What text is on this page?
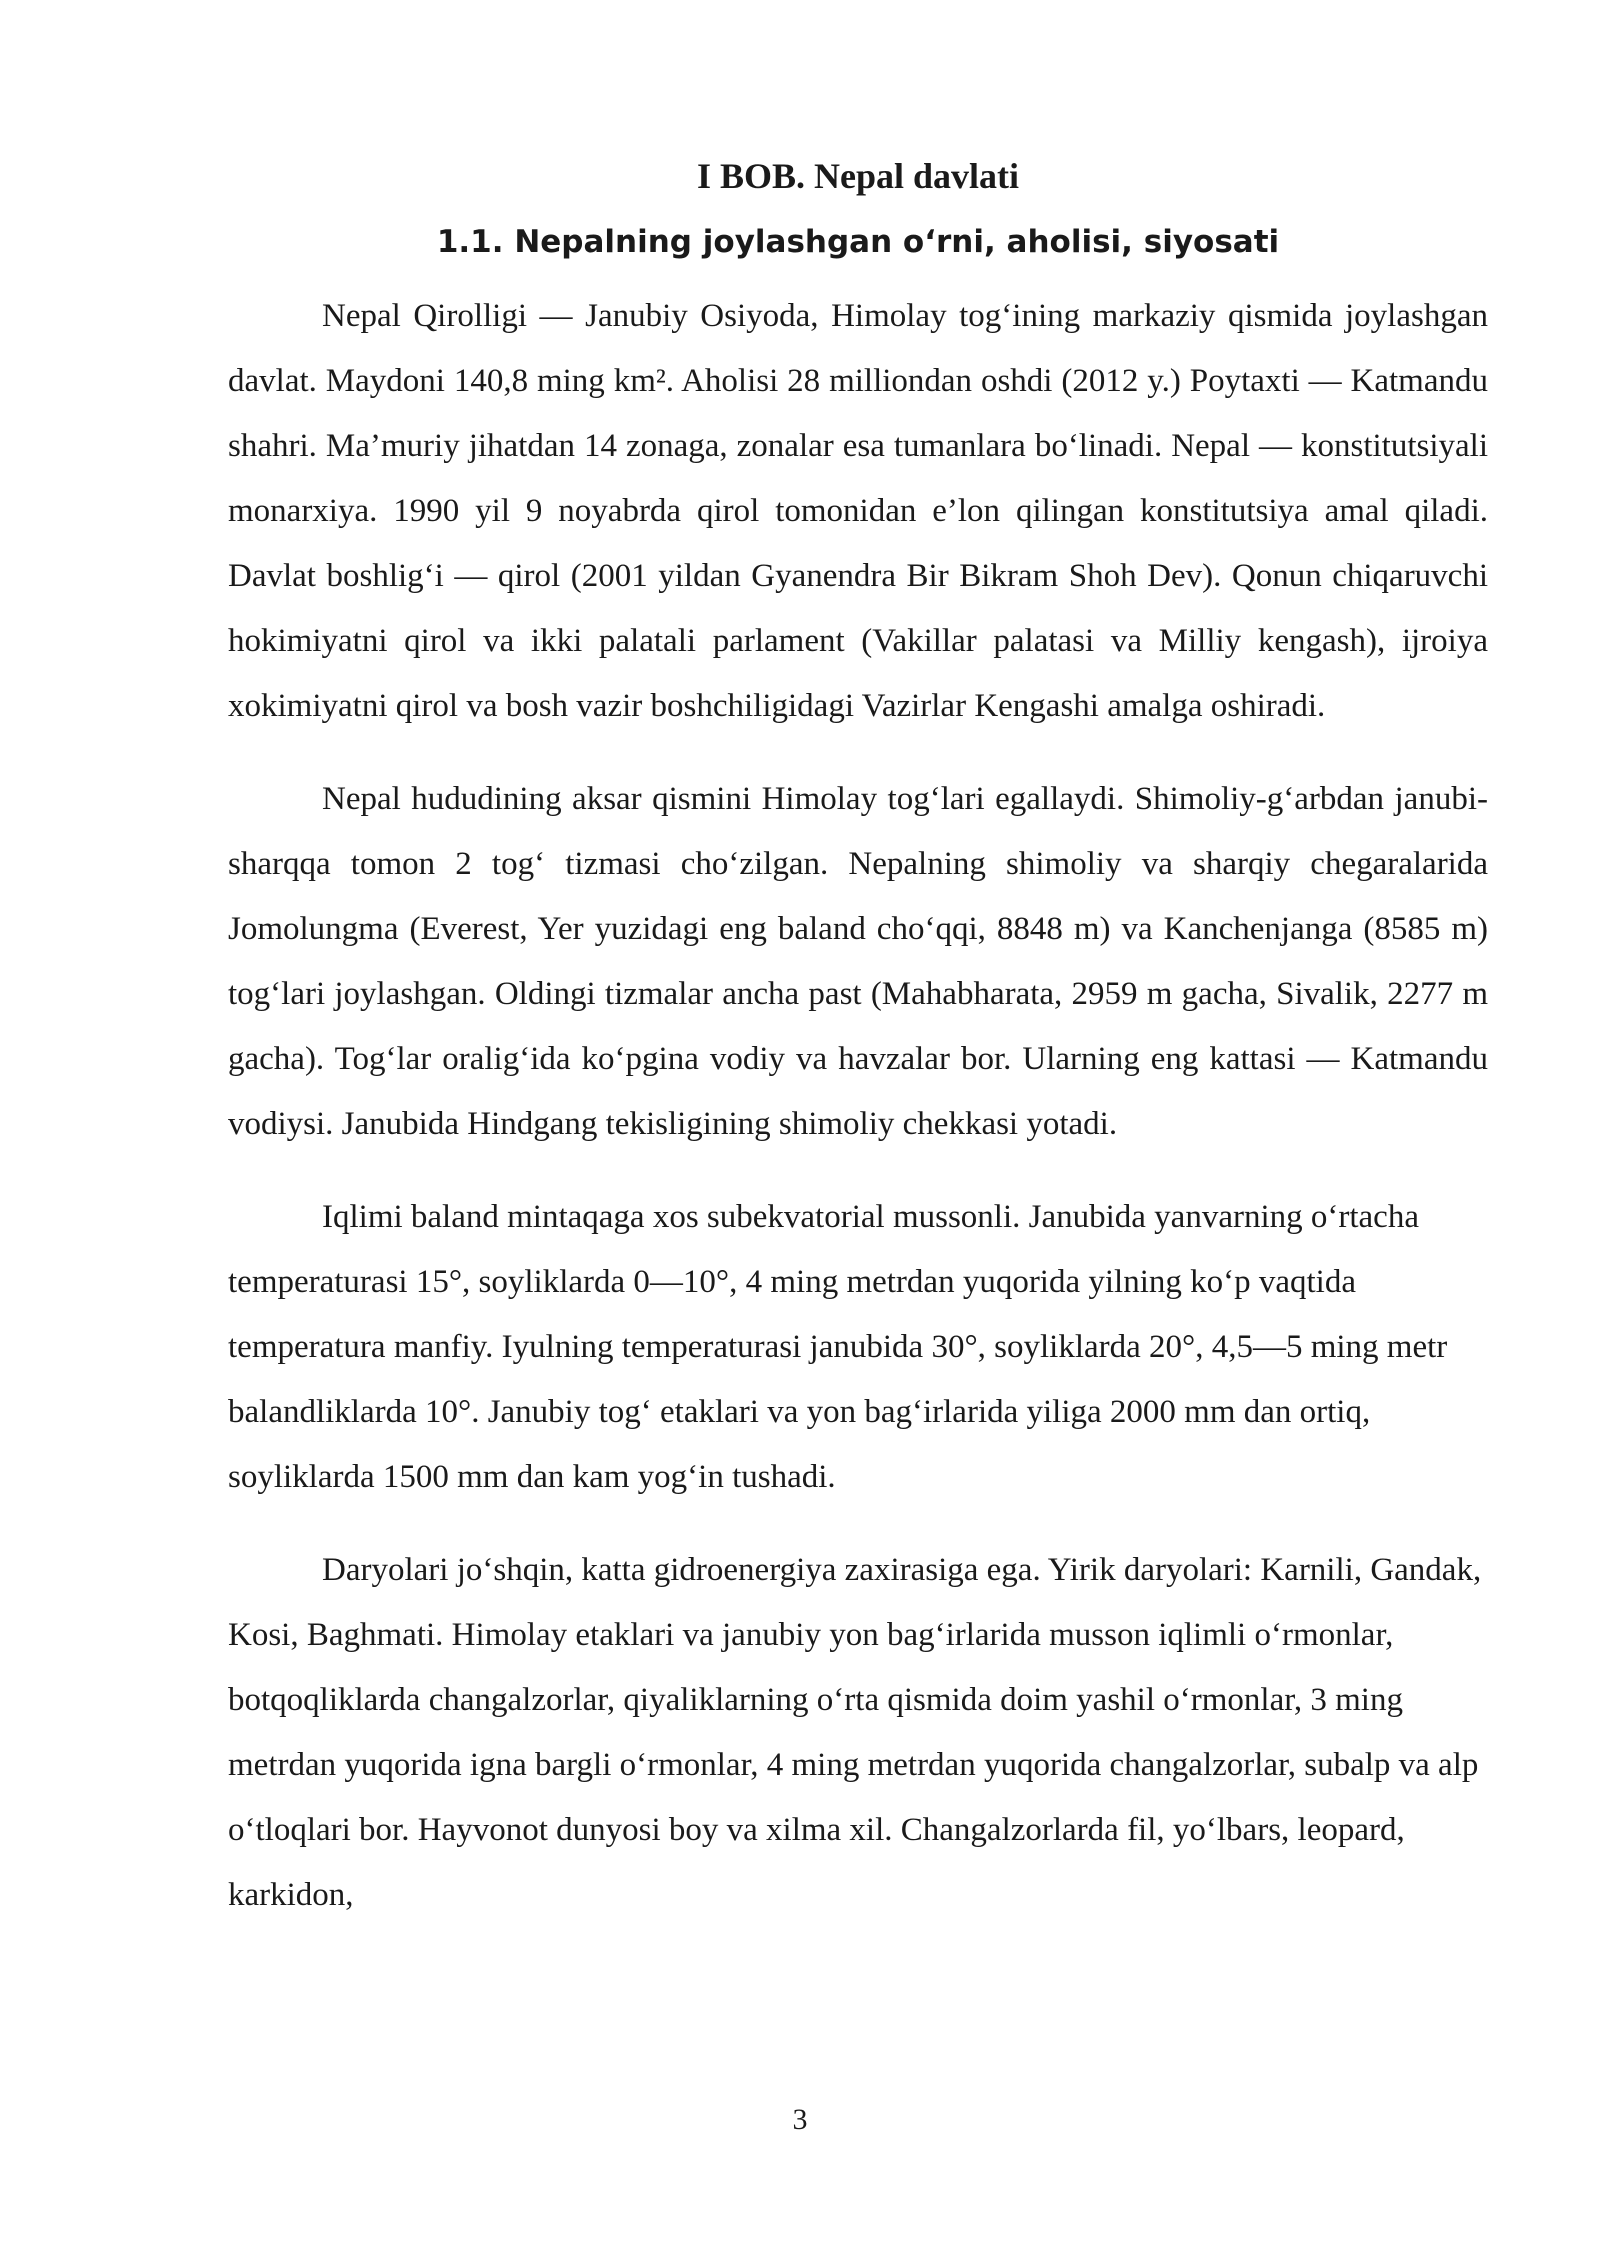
I BOB. Nepal davlati
1.1. Nepalning joylashgan o‘rni, aholisi, siyosati

Nepal Qirolligi — Janubiy Osiyoda, Himolay tog‘ining markaziy qismida joylashgan davlat. Maydoni 140,8 ming km². Aholisi 28 milliondan oshdi (2012 y.) Poytaxti — Katmandu shahri. Ma’muriy jihatdan 14 zonaga, zonalar esa tumanlara bo‘linadi. Nepal — konstitutsiyali monarxiya. 1990 yil 9 noyabrda qirol tomonidan e’lon qilingan konstitutsiya amal qiladi. Davlat boshlig‘i — qirol (2001 yildan Gyanendra Bir Bikram Shoh Dev). Qonun chiqaruvchi hokimiyatni qirol va ikki palatali parlament (Vakillar palatasi va Milliy kengash), ijroiya xokimiyatni qirol va bosh vazir boshchiligidagi Vazirlar Kengashi amalga oshiradi.

Nepal hududining aksar qismini Himolay tog‘lari egallaydi. Shimoliy-g‘arbdan janubi-sharqqa tomon 2 tog‘ tizmasi cho‘zilgan. Nepalning shimoliy va sharqiy chegaralarida Jomolungma (Everest, Yer yuzidagi eng baland cho‘qqi, 8848 m) va Kanchenjanga (8585 m) tog‘lari joylashgan. Oldingi tizmalar ancha past (Mahabharata, 2959 m gacha, Sivalik, 2277 m gacha). Tog‘lar oralig‘ida ko‘pgina vodiy va havzalar bor. Ularning eng kattasi — Katmandu vodiysi. Janubida Hindgang tekisligining shimoliy chekkasi yotadi.

Iqlimi baland mintaqaga xos subekvatorial mussonli. Janubida yanvarning o‘rtacha temperaturasi 15°, soyliklarda 0—10°, 4 ming metrdan yuqorida yilning ko‘p vaqtida temperatura manfiy. Iyulning temperaturasi janubida 30°, soyliklarda 20°, 4,5—5 ming metr balandliklarda 10°. Janubiy tog‘ etaklari va yon bag‘irlarida yiliga 2000 mm dan ortiq, soyliklarda 1500 mm dan kam yog‘in tushadi.

Daryolari jo‘shqin, katta gidroenergiya zaxirasiga ega. Yirik daryolari: Karnili, Gandak, Kosi, Baghmati. Himolay etaklari va janubiy yon bag‘irlarida musson iqlimli o‘rmonlar, botqoqliklarda changalzorlar, qiyaliklarning o‘rta qismida doim yashil o‘rmonlar, 3 ming metrdan yuqorida igna bargli o‘rmonlar, 4 ming metrdan yuqorida changalzorlar, subalp va alp o‘tloqlari bor. Hayvonot dunyosi boy va xilma xil. Changalzorlarda fil, yo‘lbars, leopard, karkidon,

3
